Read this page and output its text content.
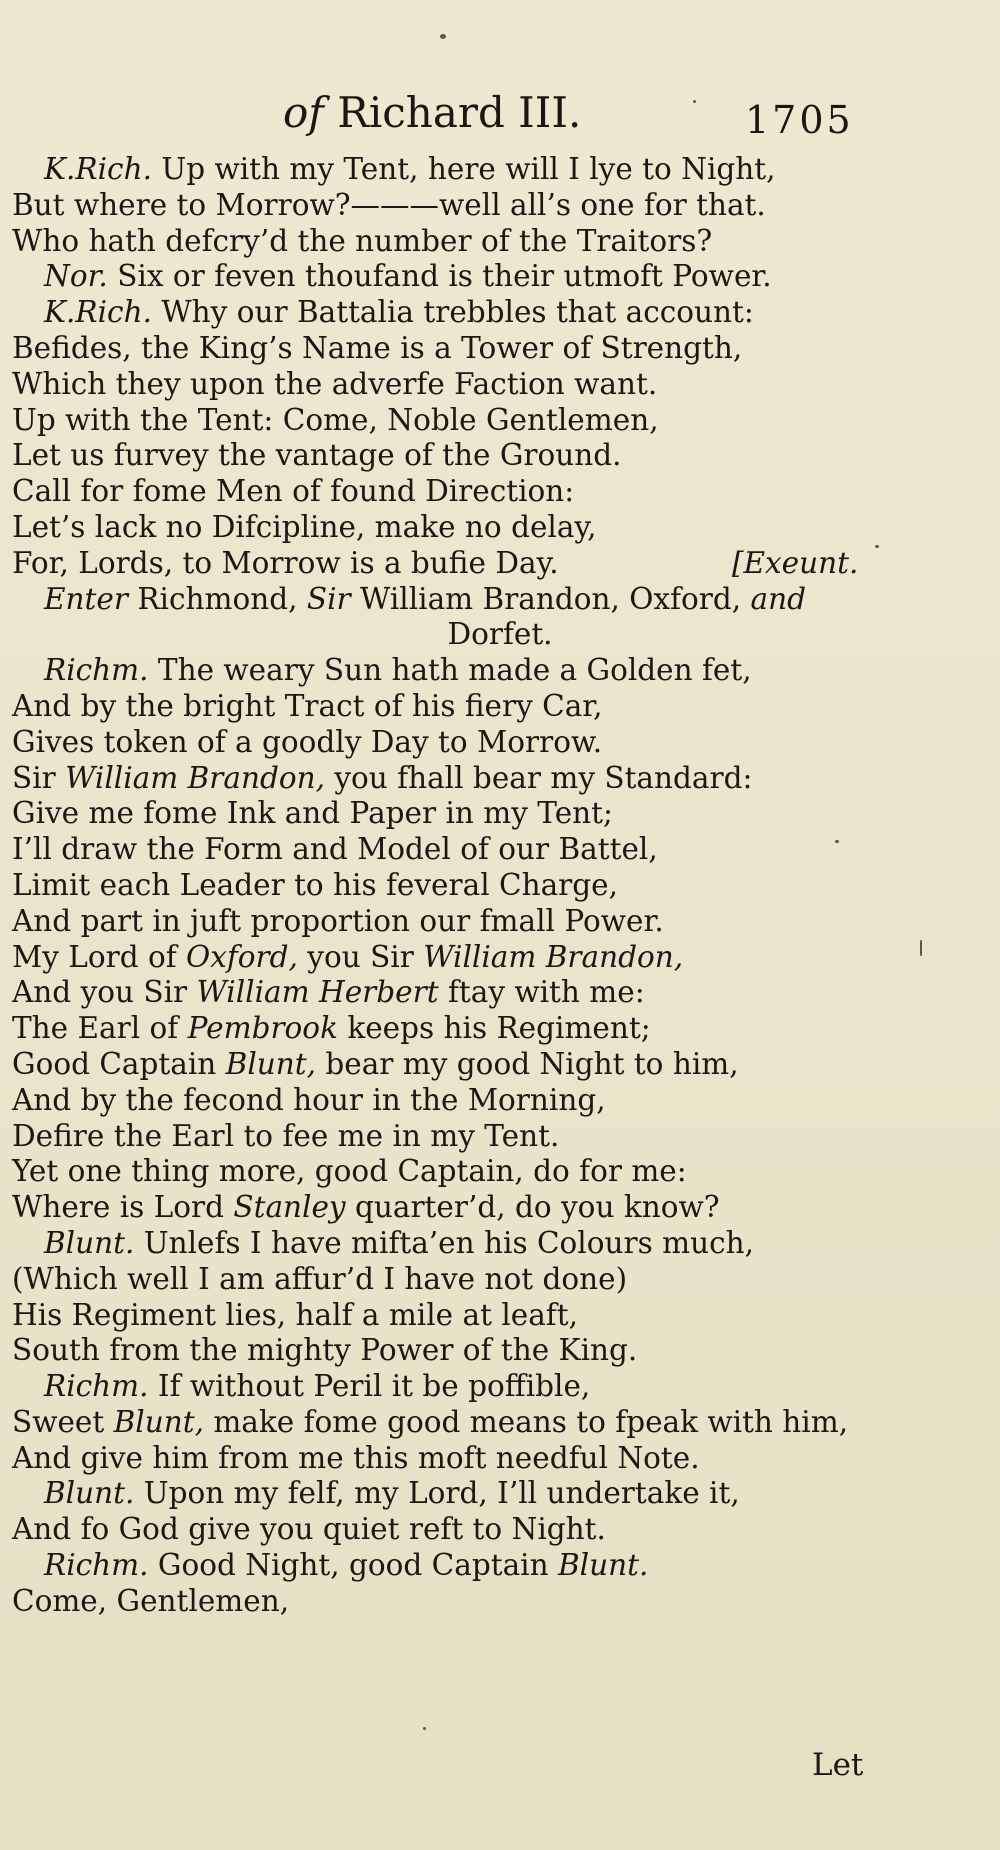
of Richard III.	1705
K.Rich. Up with my Tent, here will I lye to Night,
But where to Morrow?———well all’s one for that.
Who hath defcry’d the number of the Traitors?
Nor. Six or feven thoufand is their utmoft Power.
K.Rich. Why our Battalia trebbles that account:
Befides, the King’s Name is a Tower of Strength,
Which they upon the adverfe Faction want.
Up with the Tent: Come, Noble Gentlemen,
Let us furvey the vantage of the Ground.
Call for fome Men of found Direction:
Let’s lack no Difcipline, make no delay,
For, Lords, to Morrow is a bufie Day.	[Exeunt.
Enter Richmond, Sir William Brandon, Oxford, and
Dorfet.
Richm. The weary Sun hath made a Golden fet,
And by the bright Tract of his fiery Car,
Gives token of a goodly Day to Morrow.
Sir William Brandon, you fhall bear my Standard:
Give me fome Ink and Paper in my Tent;
I’ll draw the Form and Model of our Battel,
Limit each Leader to his feveral Charge,
And part in juft proportion our fmall Power.
My Lord of Oxford, you Sir William Brandon,
And you Sir William Herbert ftay with me:
The Earl of Pembrook keeps his Regiment;
Good Captain Blunt, bear my good Night to him,
And by the fecond hour in the Morning,
Defire the Earl to fee me in my Tent.
Yet one thing more, good Captain, do for me:
Where is Lord Stanley quarter’d, do you know?
Blunt. Unlefs I have mifta’en his Colours much,
(Which well I am affur’d I have not done)
His Regiment lies, half a mile at leaft,
South from the mighty Power of the King.
Richm. If without Peril it be poffible,
Sweet Blunt, make fome good means to fpeak with him,
And give him from me this moft needful Note.
Blunt. Upon my felf, my Lord, I’ll undertake it,
And fo God give you quiet reft to Night.
Richm. Good Night, good Captain Blunt.
Come, Gentlemen,
Let
